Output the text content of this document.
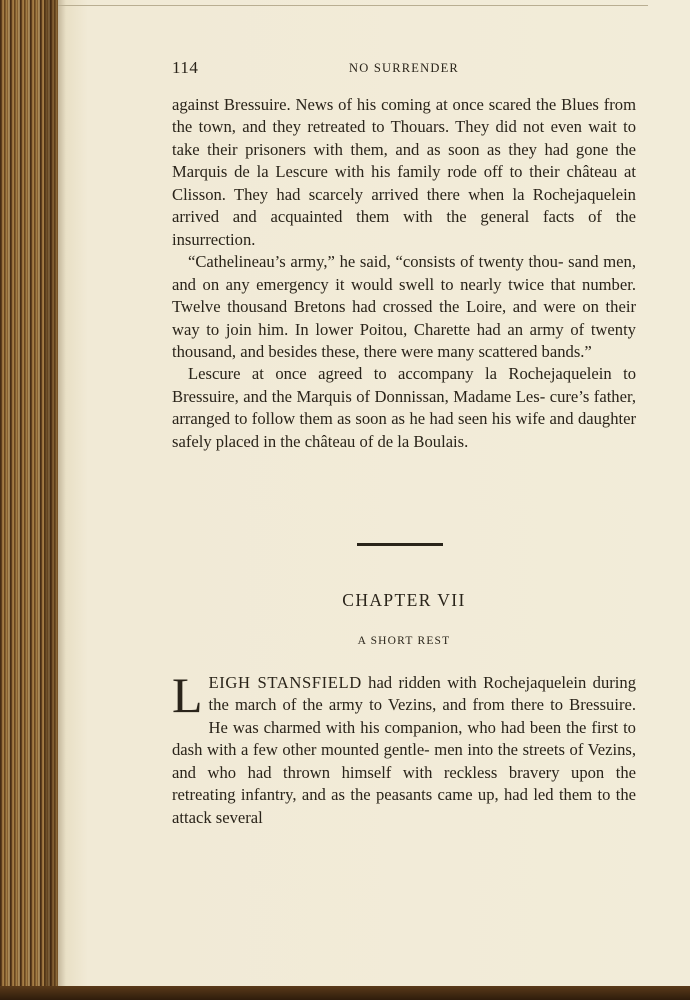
114	NO SURRENDER

against Bressuire. News of his coming at once scared the Blues from the town, and they retreated to Thouars. They did not even wait to take their prisoners with them, and as soon as they had gone the Marquis de la Lescure with his family rode off to their château at Clisson. They had scarcely arrived there when la Rochejaquelein arrived and acquainted them with the general facts of the insurrection.

“Cathelineau’s army,” he said, “consists of twenty thou- sand men, and on any emergency it would swell to nearly twice that number. Twelve thousand Bretons had crossed the Loire, and were on their way to join him. In lower Poitou, Charette had an army of twenty thousand, and besides these, there were many scattered bands.”

Lescure at once agreed to accompany la Rochejaquelein to Bressuire, and the Marquis of Donnissan, Madame Les- cure’s father, arranged to follow them as soon as he had seen his wife and daughter safely placed in the château of de la Boulais.

CHAPTER VII
A SHORT REST

L EIGH STANSFIELD had ridden with Rochejaquelein during the march of the army to Vezins, and from there to Bressuire. He was charmed with his companion, who had been the first to dash with a few other mounted gentle- men into the streets of Vezins, and who had thrown himself with reckless bravery upon the retreating infantry, and as the peasants came up, had led them to the attack several
